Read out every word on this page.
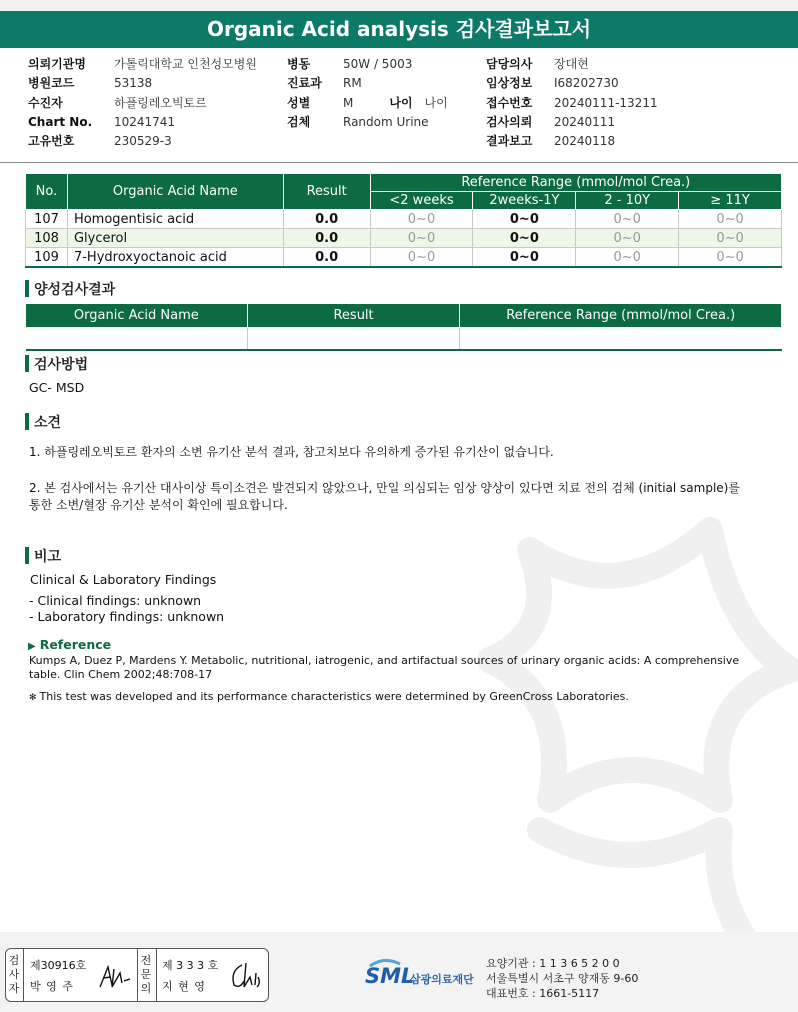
Organic Acid analysis 검사결과보고서
의뢰기관명 가톨릭대학교 인천성모병원
병원코드	53138
수진자	하플링레오빅토르
Chart No. 10241741
고유번호	230529-3
병동	50W / 5003
진료과 RM
성별	M	나이 나이
검체	Random Urine
담당의사 장대현
임상정보 I68202730
접수번호 20240111-13211
검사의뢰 20240111
결과보고 20240118
No.	Organic Acid Name	Result	Reference Range (mmol/mol Crea.)			
			<2 weeks	2weeks-1Y	2 - 10Y	≥ 11Y
107	Homogentisic acid	0.0	0~0	0~0	0~0	0~0
108	Glycerol	0.0	0~0	0~0	0~0	0~0
109	7-Hydroxyoctanoic acid	0.0	0~0	0~0	0~0	0~0
양성검사결과
Organic Acid Name	Result	Reference Range (mmol/mol Crea.)

검사방법
GC- MSD
소견
1. 하플링레오빅토르 환자의 소변 유기산 분석 결과, 참고치보다 유의하게 증가된 유기산이 없습니다.
2. 본 검사에서는 유기산 대사이상 특이소견은 발견되지 않았으나, 만일 의심되는 임상 양상이 있다면 치료 전의 검체 (initial sample)를
통한 소변/혈장 유기산 분석이 확인에 필요합니다.
비고
Clinical & Laboratory Findings
- Clinical findings: unknown
- Laboratory findings: unknown
▶ Reference
Kumps A, Duez P, Mardens Y. Metabolic, nutritional, iatrogenic, and artifactual sources of urinary organic acids: A comprehensive
table. Clin Chem 2002;48:708-17
✻ This test was developed and its performance characteristics were determined by GreenCross Laboratories.
검사자
제30916호
박 영 주
전문의
제 3 3 3 호
지 현 영	SML
삼광의료재단
요양기관 : 1 1 3 6 5 2 0 0
서울특별시 서초구 양재동 9-60
대표번호 : 1661-5117
